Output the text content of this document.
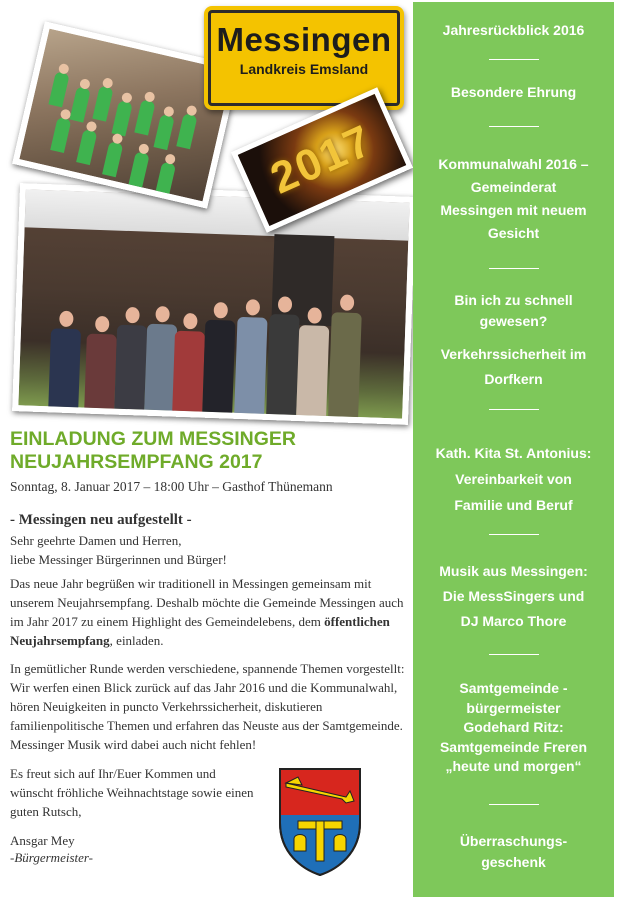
Messingen
Landkreis Emsland
2017
EINLADUNG ZUM MESSINGER
NEUJAHRSEMPFANG 2017
Sonntag, 8. Januar 2017 – 18:00 Uhr – Gasthof Thünemann
- Messingen neu aufgestellt -

Sehr geehrte Damen und Herren,
liebe Messinger Bürgerinnen und Bürger!

Das neue Jahr begrüßen wir traditionell in Messingen gemeinsam mit unserem Neujahrsempfang. Deshalb möchte die Gemeinde Messingen auch im Jahr 2017 zu einem Highlight des Gemeindelebens, dem öffentlichen Neujahrsempfang, einladen.

In gemütlicher Runde werden verschiedene, spannende Themen vorgestellt: Wir werfen einen Blick zurück auf das Jahr 2016 und die Kommunalwahl, hören Neuigkeiten in puncto Verkehrssicherheit, diskutieren familienpolitische Themen und erfahren das Neuste aus der Samtgemeinde. Messinger Musik wird dabei auch nicht fehlen!

Es freut sich auf Ihr/Euer Kommen und wünscht fröhliche Weihnachtstage sowie einen guten Rutsch,

Ansgar Mey
-Bürgermeister-

Jahresrückblick 2016

Besondere Ehrung

Kommunalwahl 2016 –
Gemeinderat
Messingen mit neuem
Gesicht
Bin ich zu schnell
gewesen?
Verkehrssicherheit im
Dorfkern
Kath. Kita St. Antonius:
Vereinbarkeit von
Familie und Beruf
Musik aus Messingen:
Die MessSingers und
DJ Marco Thore
Samtgemeinde -
bürgermeister
Godehard Ritz:
Samtgemeinde Freren
„heute und morgen“
Überraschungs-
geschenk
